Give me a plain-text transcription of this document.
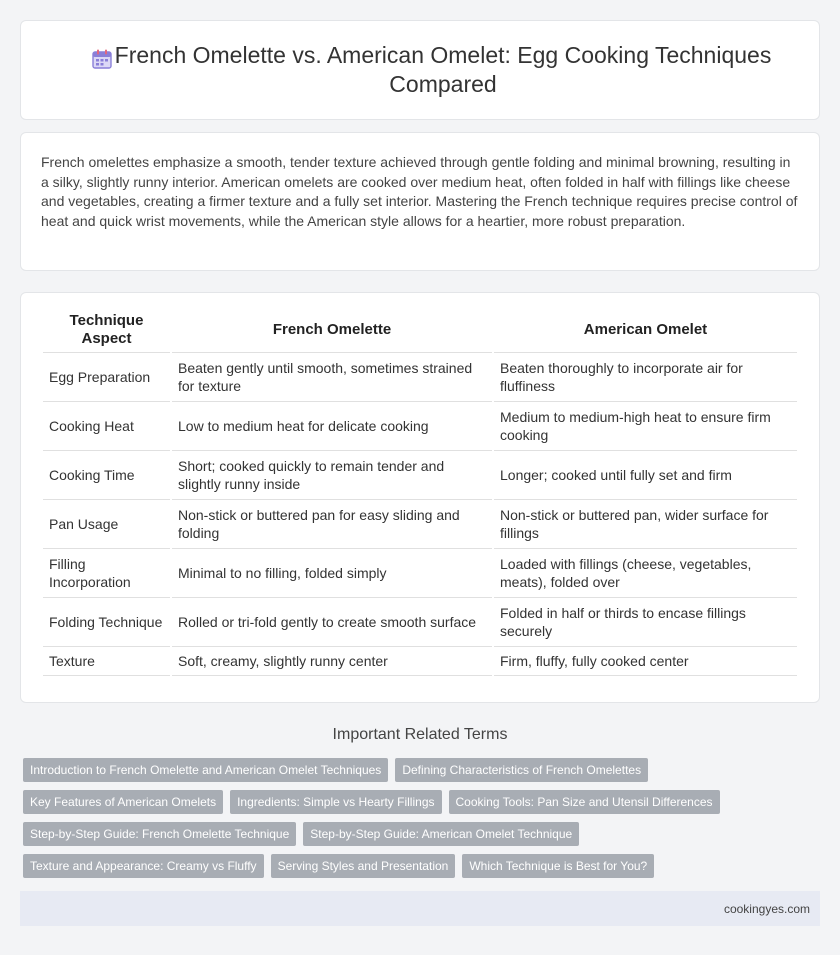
French Omelette vs. American Omelet: Egg Cooking Techniques Compared

French omelettes emphasize a smooth, tender texture achieved through gentle folding and minimal browning, resulting in a silky, slightly runny interior. American omelets are cooked over medium heat, often folded in half with fillings like cheese and vegetables, creating a firmer texture and a fully set interior. Mastering the French technique requires precise control of heat and quick wrist movements, while the American style allows for a heartier, more robust preparation.

Technique Aspect	French Omelette	American Omelet
Egg Preparation	Beaten gently until smooth, sometimes strained for texture	Beaten thoroughly to incorporate air for fluffiness
Cooking Heat	Low to medium heat for delicate cooking	Medium to medium-high heat to ensure firm cooking
Cooking Time	Short; cooked quickly to remain tender and slightly runny inside	Longer; cooked until fully set and firm
Pan Usage	Non-stick or buttered pan for easy sliding and folding	Non-stick or buttered pan, wider surface for fillings
Filling Incorporation	Minimal to no filling, folded simply	Loaded with fillings (cheese, vegetables, meats), folded over
Folding Technique	Rolled or tri-fold gently to create smooth surface	Folded in half or thirds to encase fillings securely
Texture	Soft, creamy, slightly runny center	Firm, fluffy, fully cooked center
Important Related Terms
Introduction to French Omelette and American Omelet Techniques	Defining Characteristics of French Omelettes
Key Features of American Omelets	Ingredients: Simple vs Hearty Fillings	Cooking Tools: Pan Size and Utensil Differences
Step-by-Step Guide: French Omelette Technique	Step-by-Step Guide: American Omelet Technique
Texture and Appearance: Creamy vs Fluffy	Serving Styles and Presentation	Which Technique is Best for You?
cookingyes.com
